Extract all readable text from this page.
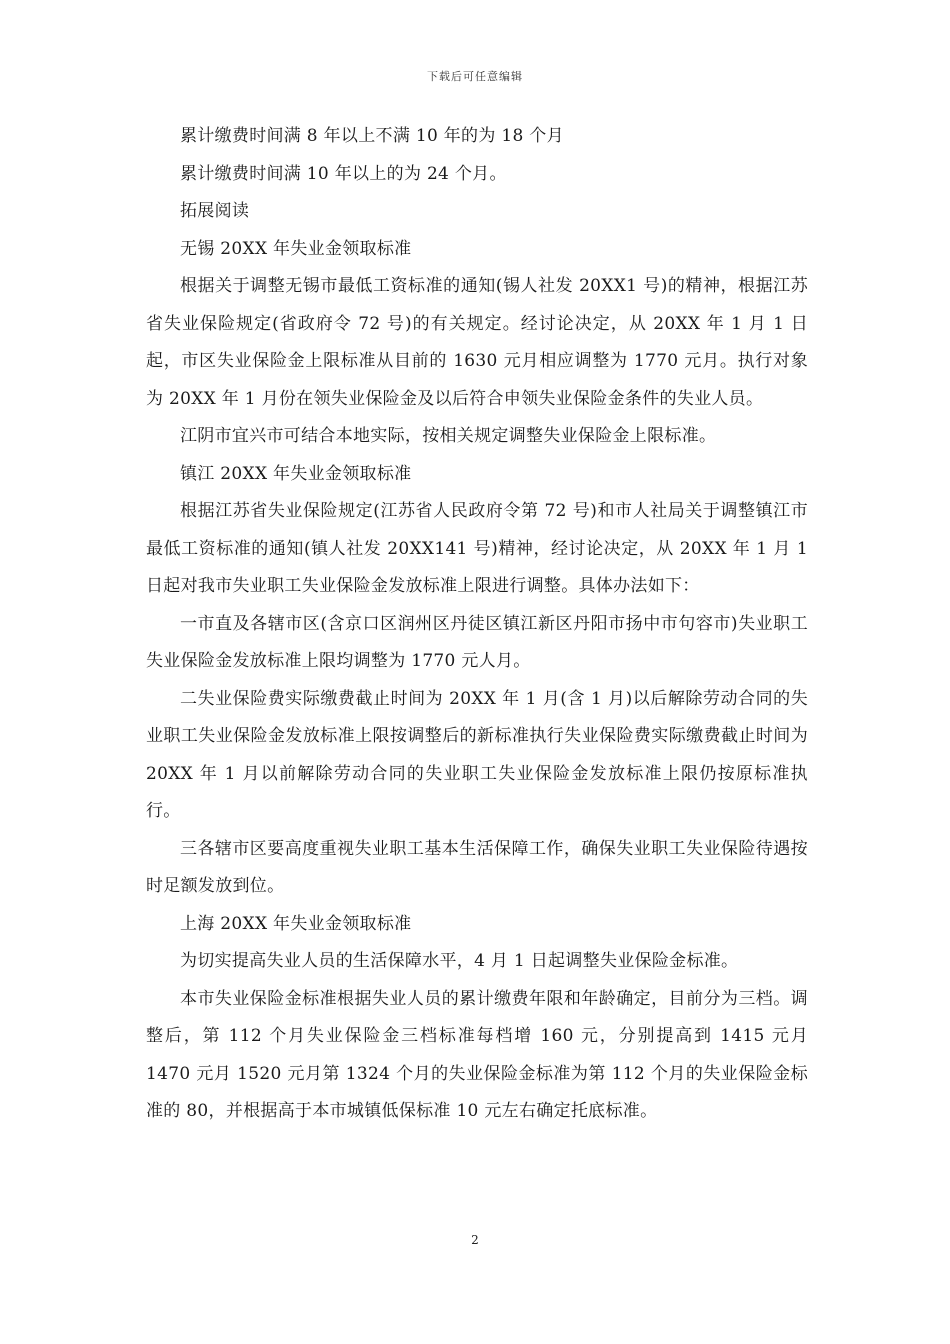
下载后可任意编辑

累计缴费时间满 8 年以上不满 10 年的为 18 个月

累计缴费时间满 10 年以上的为 24 个月。

拓展阅读

无锡 20XX 年失业金领取标准

根据关于调整无锡市最低工资标准的通知(锡人社发 20XX1 号)的精神，根据江苏省失业保险规定(省政府令 72 号)的有关规定。经讨论决定，从 20XX 年 1 月 1 日起，市区失业保险金上限标准从目前的 1630 元月相应调整为 1770 元月。执行对象为 20XX 年 1 月份在领失业保险金及以后符合申领失业保险金条件的失业人员。

江阴市宜兴市可结合本地实际，按相关规定调整失业保险金上限标准。

镇江 20XX 年失业金领取标准

根据江苏省失业保险规定(江苏省人民政府令第 72 号)和市人社局关于调整镇江市最低工资标准的通知(镇人社发 20XX141 号)精神，经讨论决定，从 20XX 年 1 月 1 日起对我市失业职工失业保险金发放标准上限进行调整。具体办法如下：

一市直及各辖市区(含京口区润州区丹徒区镇江新区丹阳市扬中市句容市)失业职工失业保险金发放标准上限均调整为 1770 元人月。

二失业保险费实际缴费截止时间为 20XX 年 1 月(含 1 月)以后解除劳动合同的失业职工失业保险金发放标准上限按调整后的新标准执行失业保险费实际缴费截止时间为 20XX 年 1 月以前解除劳动合同的失业职工失业保险金发放标准上限仍按原标准执行。

三各辖市区要高度重视失业职工基本生活保障工作，确保失业职工失业保险待遇按时足额发放到位。

上海 20XX 年失业金领取标准

为切实提高失业人员的生活保障水平，4 月 1 日起调整失业保险金标准。

本市失业保险金标准根据失业人员的累计缴费年限和年龄确定，目前分为三档。调整后，第 112 个月失业保险金三档标准每档增 160 元，分别提高到 1415 元月 1470 元月 1520 元月第 1324 个月的失业保险金标准为第 112 个月的失业保险金标准的 80，并根据高于本市城镇低保标准 10 元左右确定托底标准。

2
